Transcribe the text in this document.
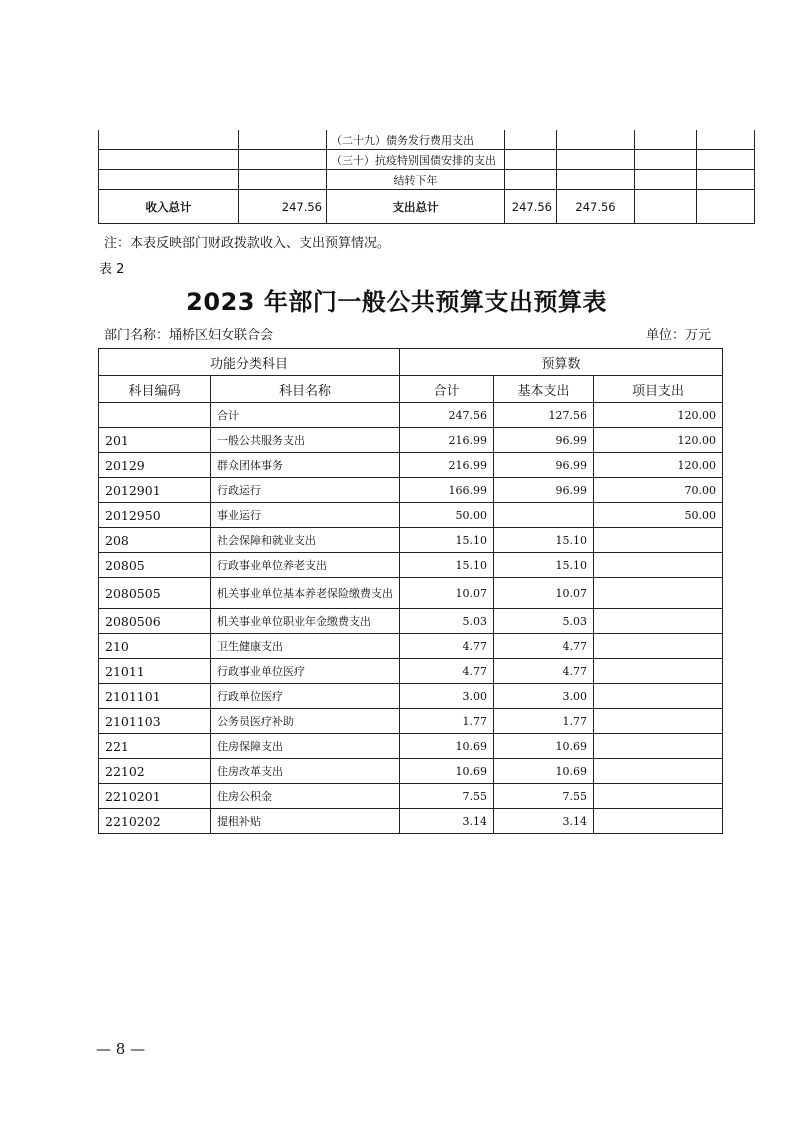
		（二十九）债务发行费用支出				
		（三十）抗疫特别国债安排的支出				
		结转下年				
收入总计	247.56	支出总计	247.56	247.56		
注：本表反映部门财政拨款收入、支出预算情况。
表 2
2023 年部门一般公共预算支出预算表
部门名称：埇桥区妇女联合会	单位：万元
功能分类科目		预算数		
科目编码	科目名称	合计	基本支出	项目支出
	合计	247.56	127.56	120.00
201	一般公共服务支出	216.99	96.99	120.00
20129	群众团体事务	216.99	96.99	120.00
2012901	行政运行	166.99	96.99	70.00
2012950	事业运行	50.00		50.00
208	社会保障和就业支出	15.10	15.10	
20805	行政事业单位养老支出	15.10	15.10	
2080505	机关事业单位基本养老保险缴费支出	10.07	10.07	
2080506	机关事业单位职业年金缴费支出	5.03	5.03	
210	卫生健康支出	4.77	4.77	
21011	行政事业单位医疗	4.77	4.77	
2101101	行政单位医疗	3.00	3.00	
2101103	公务员医疗补助	1.77	1.77	
221	住房保障支出	10.69	10.69	
22102	住房改革支出	10.69	10.69	
2210201	住房公积金	7.55	7.55	
2210202	提租补贴	3.14	3.14	
— 8 —
